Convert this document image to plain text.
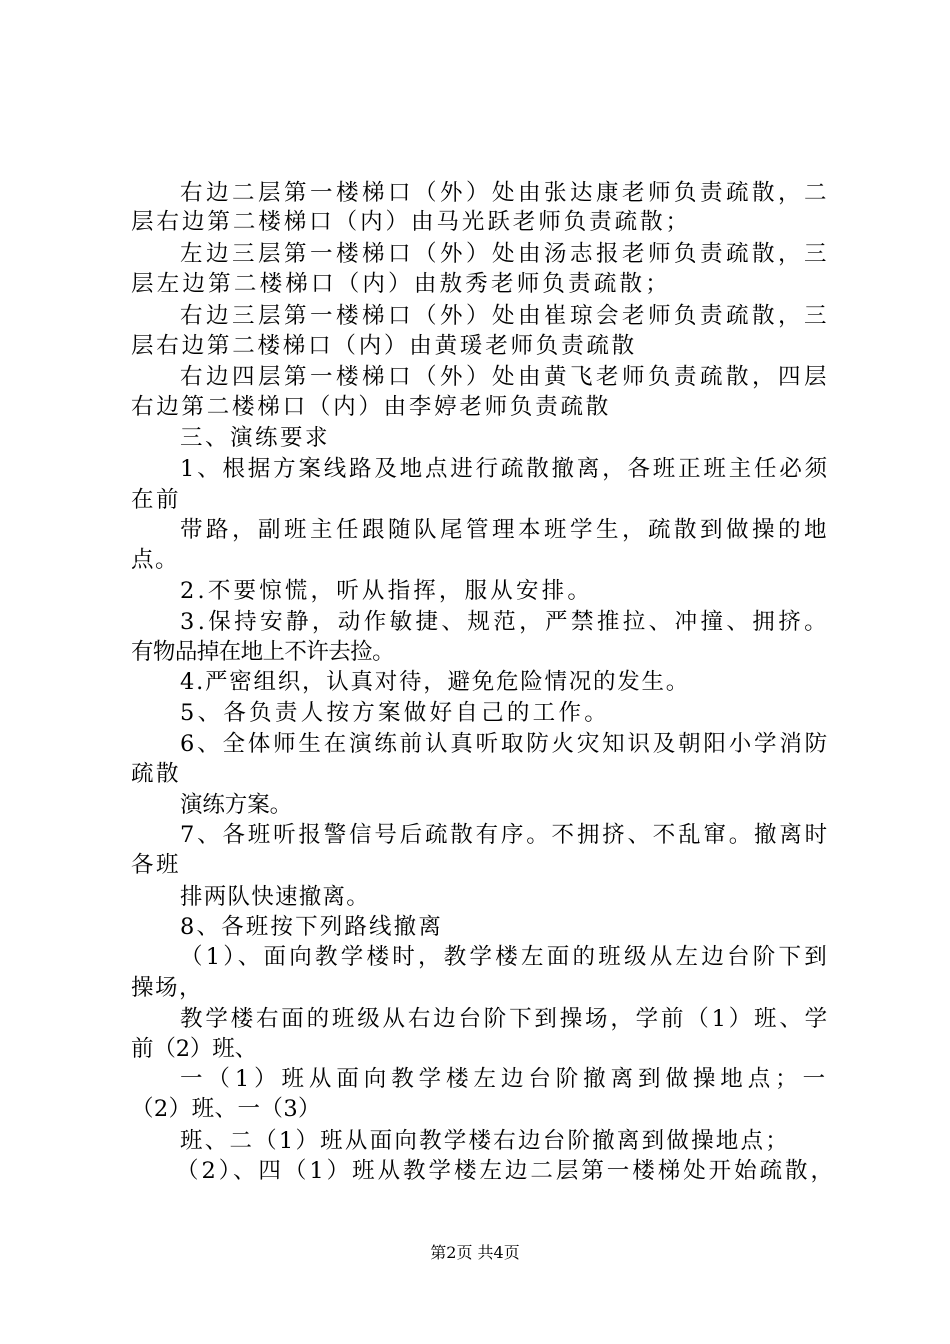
右边二层第一楼梯口（外）处由张达康老师负责疏散，二
层右边第二楼梯口（内）由马光跃老师负责疏散；
左边三层第一楼梯口（外）处由汤志报老师负责疏散，三
层左边第二楼梯口（内）由敖秀老师负责疏散；
右边三层第一楼梯口（外）处由崔琼会老师负责疏散，三
层右边第二楼梯口（内）由黄瑗老师负责疏散
右边四层第一楼梯口（外）处由黄飞老师负责疏散，四层
右边第二楼梯口（内）由李婷老师负责疏散
三、演练要求
1、根据方案线路及地点进行疏散撤离，各班正班主任必须
在前
带路，副班主任跟随队尾管理本班学生，疏散到做操的地
点。
2.不要惊慌，听从指挥，服从安排。
3.保持安静，动作敏捷、规范，严禁推拉、冲撞、拥挤。
有物品掉在地上不许去捡。
4.严密组织，认真对待，避免危险情况的发生。
5、各负责人按方案做好自己的工作。
6、全体师生在演练前认真听取防火灾知识及朝阳小学消防
疏散
演练方案。
7、各班听报警信号后疏散有序。不拥挤、不乱窜。撤离时
各班
排两队快速撤离。
8、各班按下列路线撤离
（1）、面向教学楼时，教学楼左面的班级从左边台阶下到
操场，
教学楼右面的班级从右边台阶下到操场，学前（1）班、学
前（2）班、
一（1）班从面向教学楼左边台阶撤离到做操地点；一
（2）班、一（3）
班、二（1）班从面向教学楼右边台阶撤离到做操地点；
（2）、四（1）班从教学楼左边二层第一楼梯处开始疏散，
第2页 共4页
